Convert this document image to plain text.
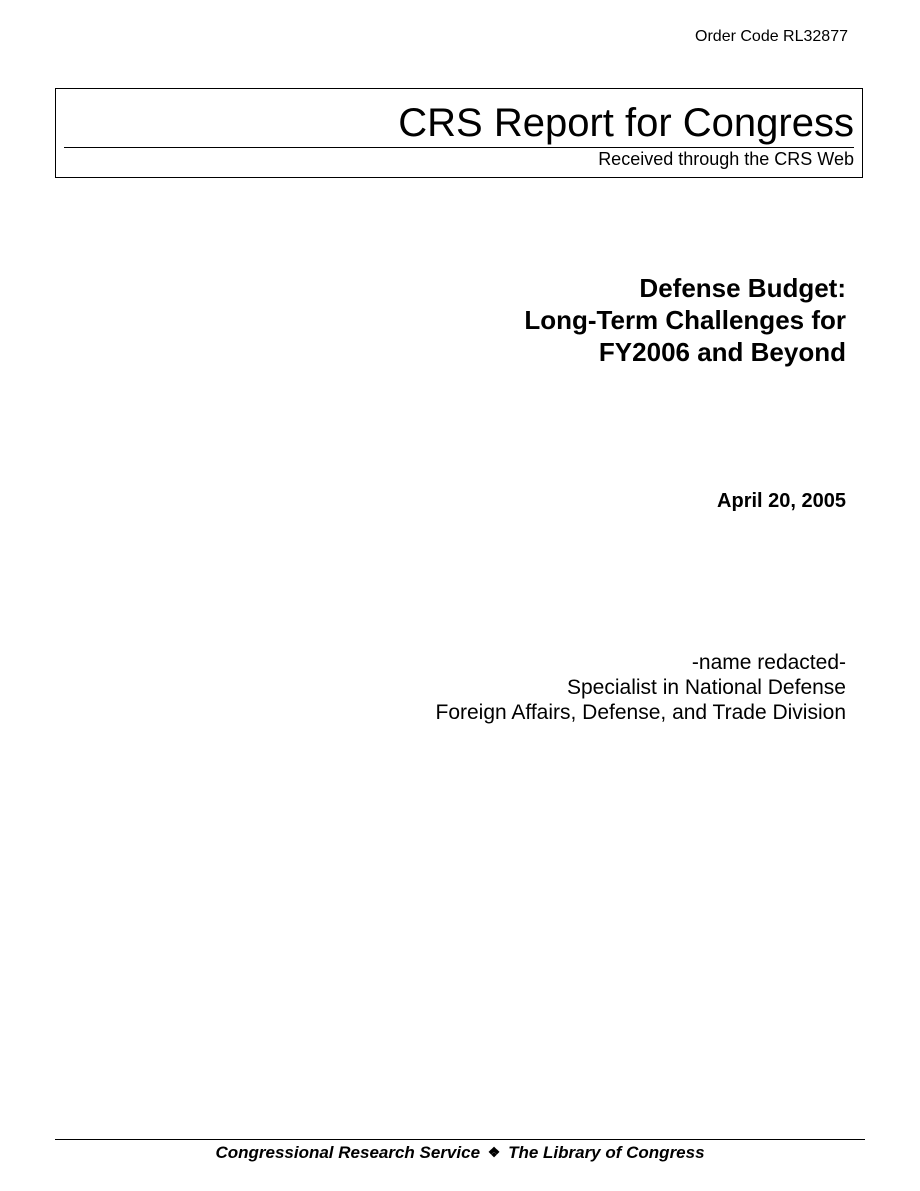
Order Code RL32877
CRS Report for Congress
Received through the CRS Web
Defense Budget:
Long-Term Challenges for
FY2006 and Beyond
April 20, 2005
-name redacted-
Specialist in National Defense
Foreign Affairs, Defense, and Trade Division
Congressional Research Service ❖ The Library of Congress
